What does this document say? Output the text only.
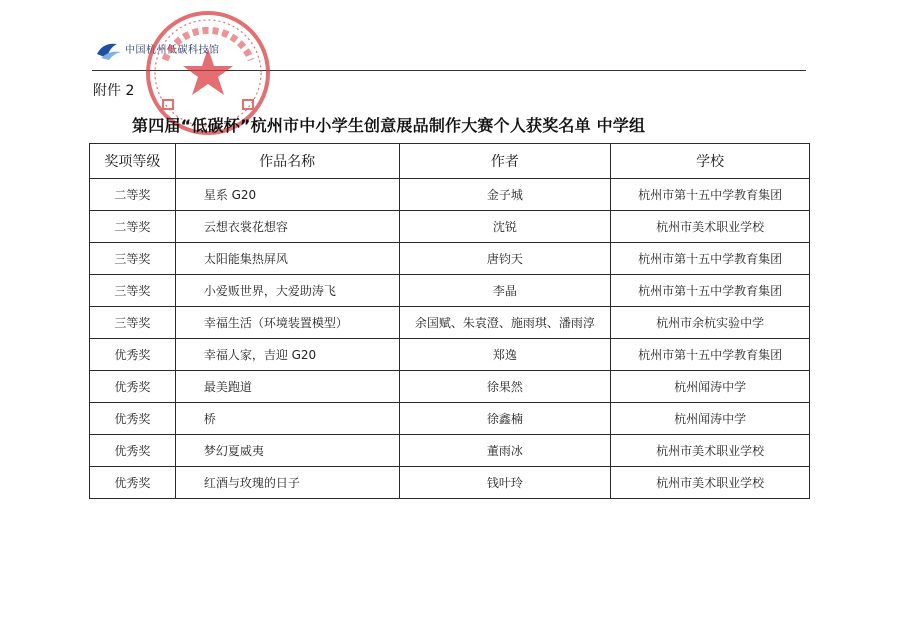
中国杭州低碳科技馆
附件 2
第四届“低碳杯”杭州市中小学生创意展品制作大赛个人获奖名单 中学组
奖项等级	作品名称	作者	学校
二等奖	星系 G20	金子城	杭州市第十五中学教育集团
二等奖	云想衣裳花想容	沈锐	杭州市美术职业学校
三等奖	太阳能集热屏风	唐钧天	杭州市第十五中学教育集团
三等奖	小爱贩世界，大爱助涛飞	李晶	杭州市第十五中学教育集团
三等奖	幸福生活（环境装置模型）	余国赋、朱袁澄、施雨琪、潘雨淳	杭州市余杭实验中学
优秀奖	幸福人家，吉迎 G20	郑逸	杭州市第十五中学教育集团
优秀奖	最美跑道	徐果然	杭州闻涛中学
优秀奖	桥	徐鑫楠	杭州闻涛中学
优秀奖	梦幻夏威夷	董雨冰	杭州市美术职业学校
优秀奖	红酒与玫瑰的日子	钱叶玲	杭州市美术职业学校
